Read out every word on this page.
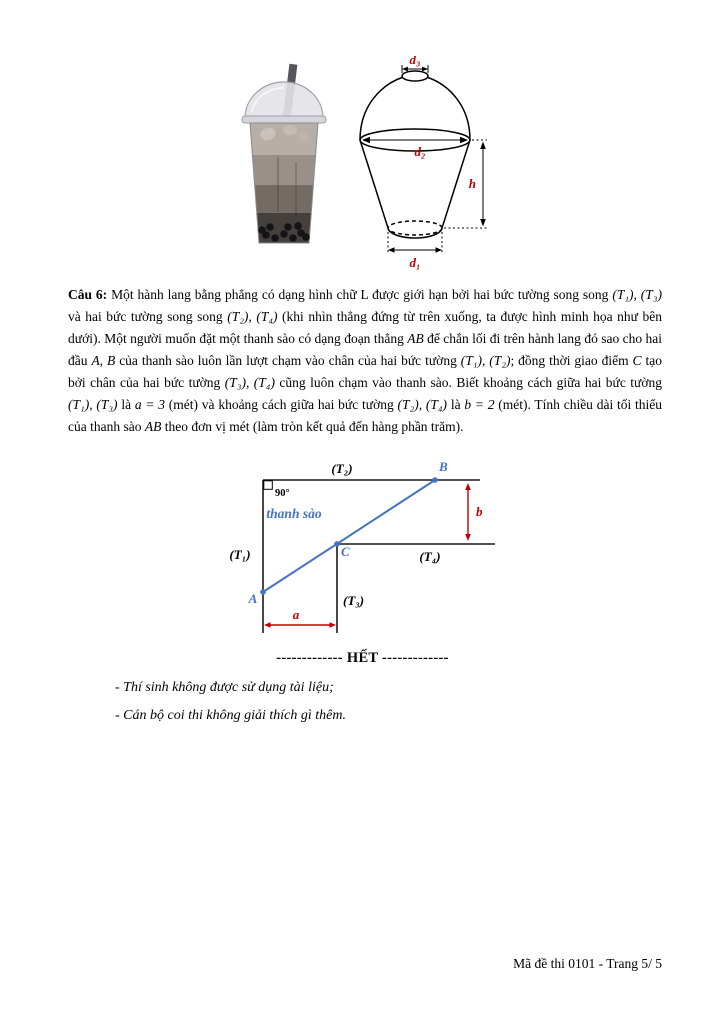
d₃
d₂
h
d₁

Câu 6: Một hành lang bằng phẳng có dạng hình chữ L được giới hạn bởi hai bức tường song song (T₁), (T₃) và hai bức tường song song (T₂), (T₄) (khi nhìn thẳng đứng từ trên xuống, ta được hình minh họa như bên dưới). Một người muốn đặt một thanh sào có dạng đoạn thẳng AB để chắn lối đi trên hành lang đó sao cho hai đầu A, B của thanh sào luôn lần lượt chạm vào chân của hai bức tường (T₁), (T₂); đồng thời giao điểm C tạo bởi chân của hai bức tường (T₃), (T₄) cũng luôn chạm vào thanh sào. Biết khoảng cách giữa hai bức tường (T₁), (T₃) là a = 3 (mét) và khoảng cách giữa hai bức tường (T₂), (T₄) là b = 2 (mét). Tính chiều dài tối thiểu của thanh sào AB theo đơn vị mét (làm tròn kết quả đến hàng phần trăm).

90°
(T₂)
(T₁)
(T₃)
(T₄)
A
B
C
thanh sào	b
a
------------- HẾT -------------
- Thí sinh không được sử dụng tài liệu;
- Cán bộ coi thi không giải thích gì thêm.
Mã đề thi 0101 - Trang 5/ 5
